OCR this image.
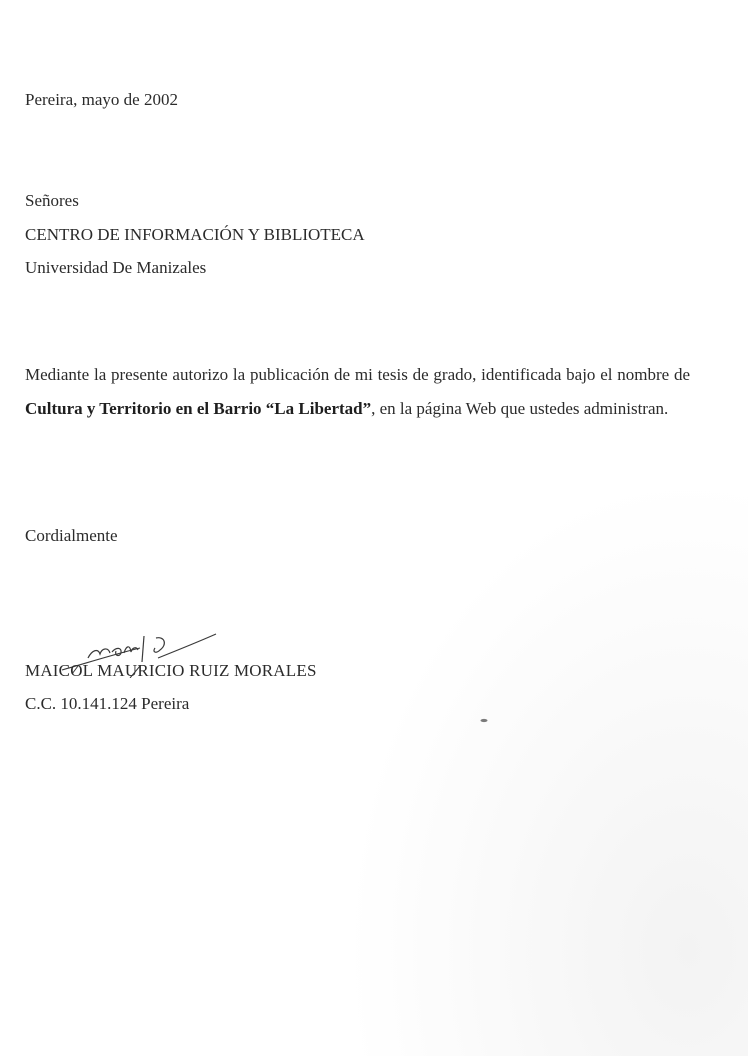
Pereira, mayo de 2002

Señores

CENTRO DE INFORMACIÓN Y BIBLIOTECA

Universidad De Manizales

Mediante la presente autorizo la publicación de mi tesis de grado, identificada bajo el nombre de Cultura y Territorio en el Barrio “La Libertad”, en la página Web que ustedes administran.

Cordialmente

MAICOL MAURICIO RUIZ MORALES

C.C. 10.141.124 Pereira
